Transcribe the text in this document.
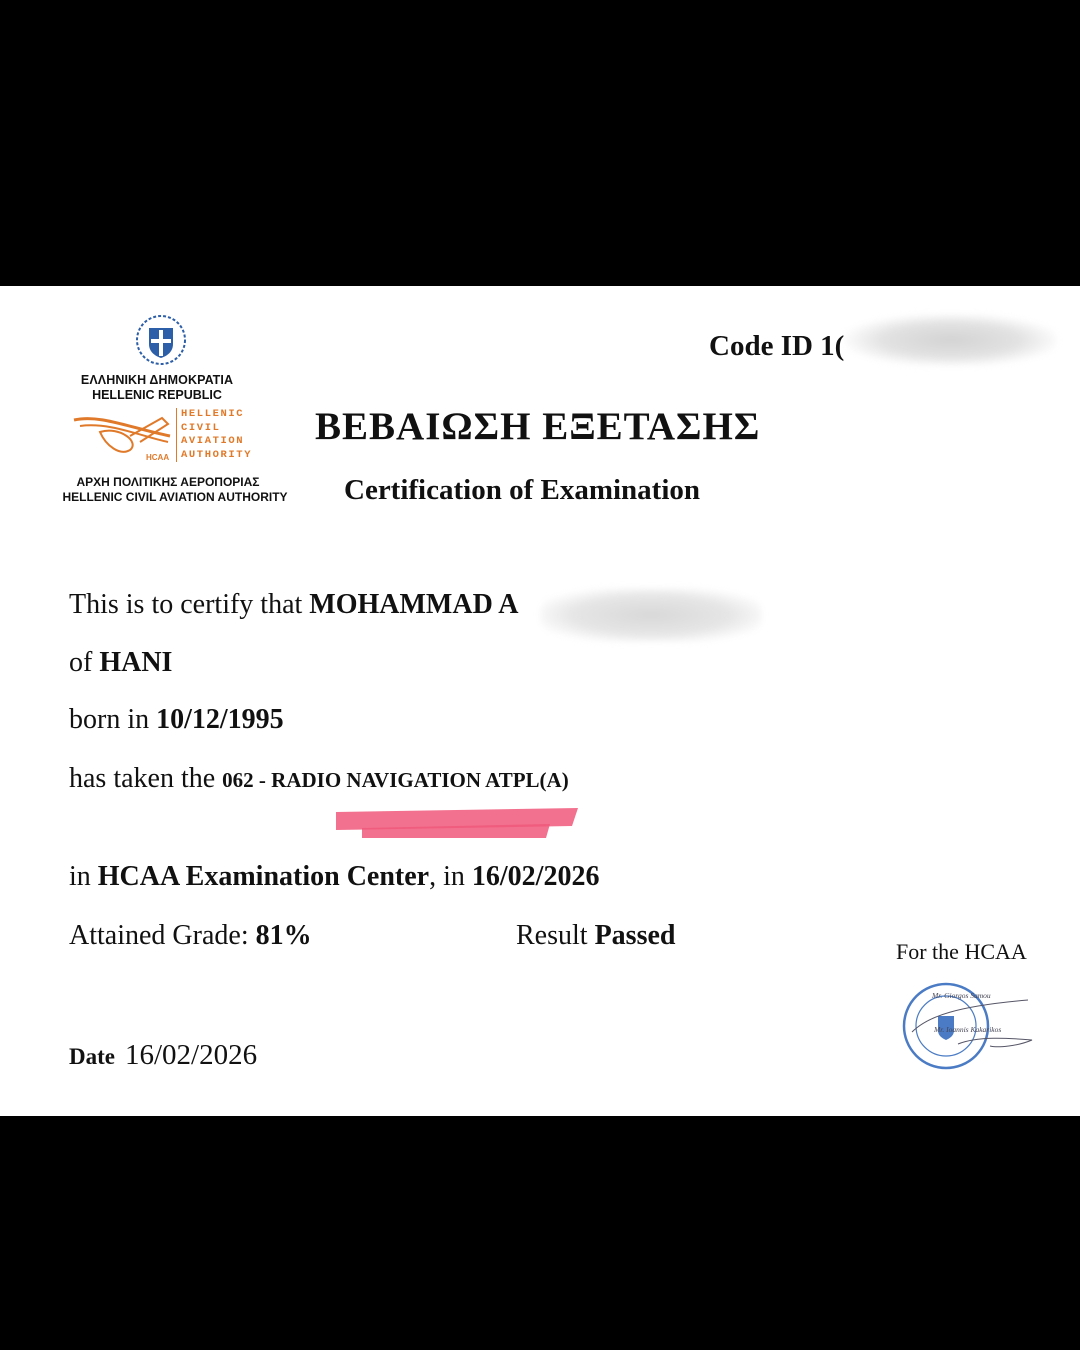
ΕΛΛΗΝΙΚΗ ΔΗΜΟΚΡΑΤΙΑ
HELLENIC REPUBLIC
HCAA
HELLENIC
CIVIL
AVIATION
AUTHORITY
ΑΡΧΗ ΠΟΛΙΤΙΚΗΣ ΑΕΡΟΠΟΡΙΑΣ
HELLENIC CIVIL AVIATION AUTHORITY
Code ID 1(
ΒΕΒΑΙΩΣΗ ΕΞΕΤΑΣΗΣ
Certification of Examination
This is to certify that MOHAMMAD A
of HANI
born in 10/12/1995
has taken the 062 - RADIO NAVIGATION ATPL(A)
in HCAA Examination Center, in 16/02/2026
Attained Grade: 81%	Result Passed
For the HCAA
Mr. Giorgos Samou
Mr. Ioannis Kakarikos
Date 16/02/2026
